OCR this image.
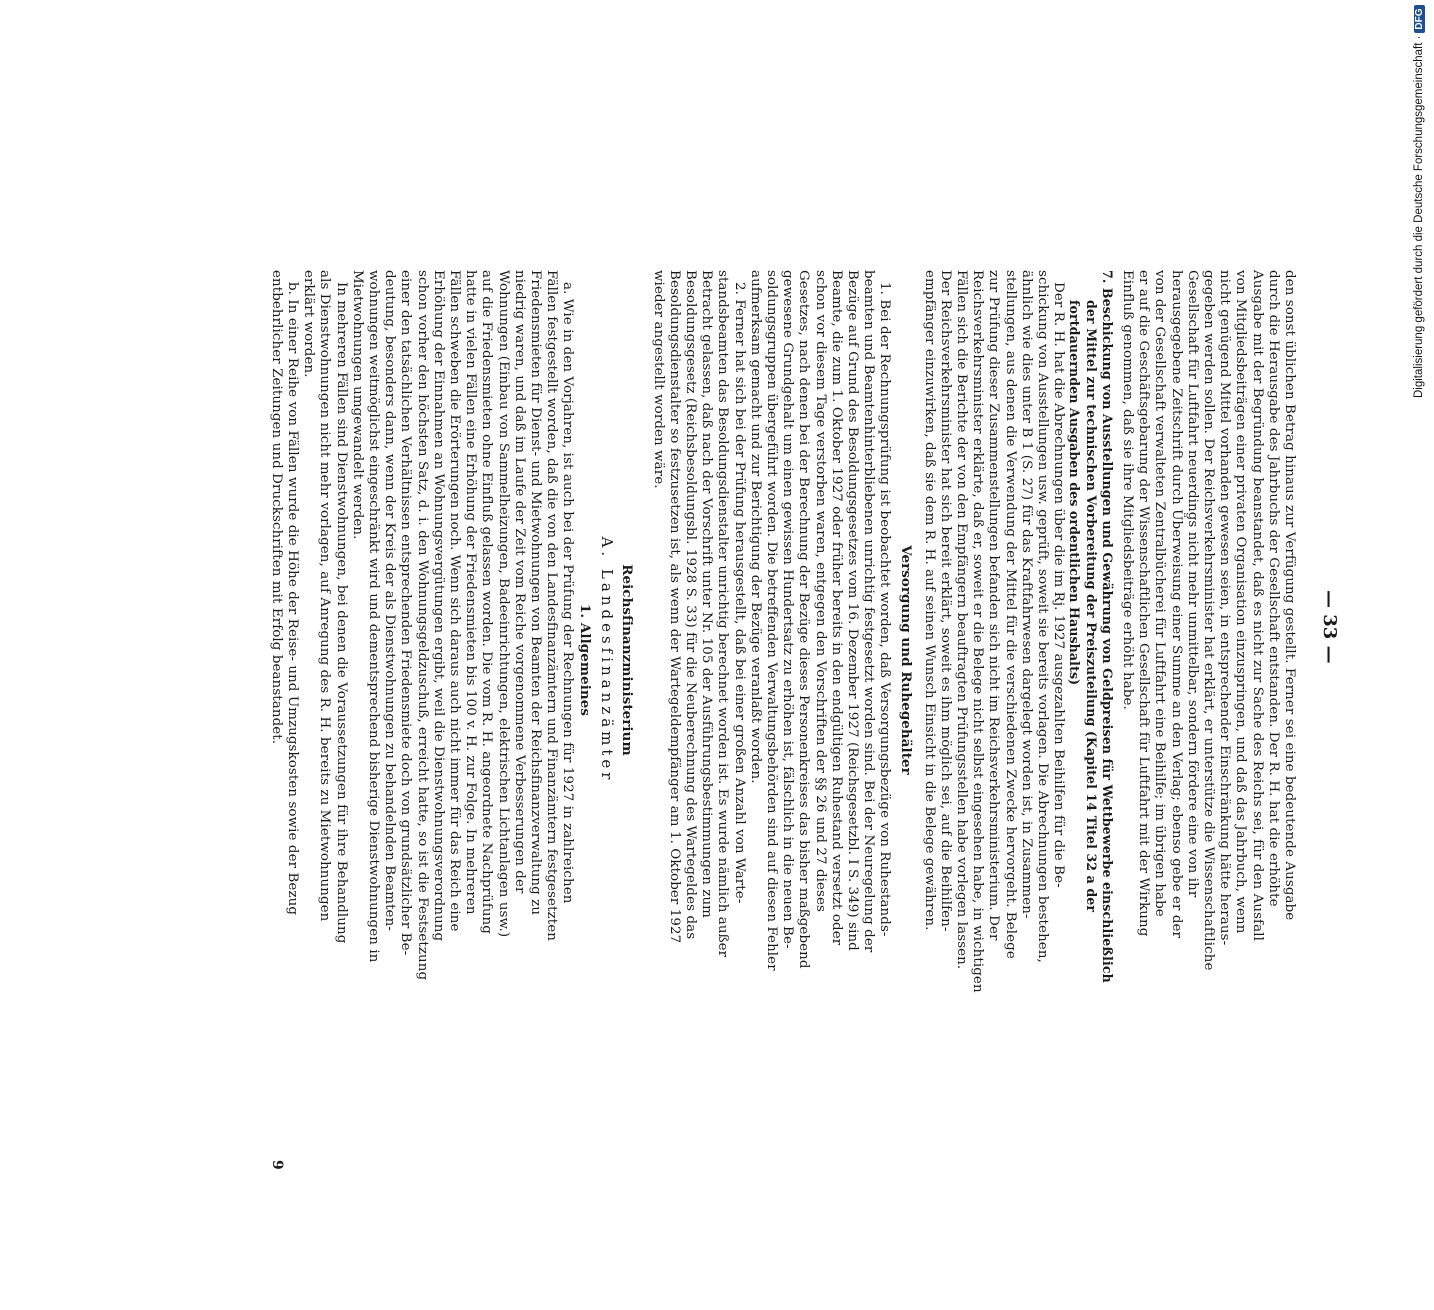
Digitalisierung gefördert durch die Deutsche Forschungsgemeinschaft ·DFG
— 33 —
den sonst üblichen Betrag hinaus zur Verfügung gestellt. Ferner sei eine bedeutende Ausgabe
durch die Herausgabe des Jahrbuchs der Gesellschaft entstanden. Der R. H. hat die erhöhte
Ausgabe mit der Begründung beanstandet, daß es nicht zur Sache des Reichs sei, für den Ausfall
von Mitgliedsbeiträgen einer privaten Organisation einzuspringen, und daß das Jahrbuch, wenn
nicht genügend Mittel vorhanden gewesen seien, in entsprechender Einschränkung hätte heraus-
gegeben werden sollen. Der Reichsverkehrsminister hat erklärt, er unterstütze die Wissenschaftliche
Gesellschaft für Luftfahrt neuerdings nicht mehr unmittelbar, sondern fördere eine von ihr
herausgegebene Zeitschrift durch Überweisung einer Summe an den Verlag; ebenso gebe er der
von der Gesellschaft verwalteten Zentralbücherei für Luftfahrt eine Beihilfe; im übrigen habe
er auf die Geschäftsgebarung der Wissenschaftlichen Gesellschaft für Luftfahrt mit der Wirkung
Einfluß genommen, daß sie ihre Mitgliedsbeiträge erhöht habe.
7. Beschickung von Ausstellungen und Gewährung von Geldpreisen für Wettbewerbe einschließlich
der Mittel zur technischen Vorbereitung der Preiszuteilung (Kapitel 14 Titel 32 a der
fortdauernden Ausgaben des ordentlichen Haushalts)
Der R. H. hat die Abrechnungen über die im Rj. 1927 ausgezahlten Beihilfen für die Be-
schickung von Ausstellungen usw. geprüft, soweit sie bereits vorlagen. Die Abrechnungen bestehen,
ähnlich wie dies unter B 1 (S. 27) für das Kraftfahrwesen dargelegt worden ist, in Zusammen-
stellungen, aus denen die Verwendung der Mittel für die verschiedenen Zwecke hervorgeht. Belege
zur Prüfung dieser Zusammenstellungen befanden sich nicht im Reichsverkehrsministerium. Der
Reichsverkehrsminister erklärte, daß er, soweit er die Belege nicht selbst eingesehen habe, in wichtigen
Fällen sich die Berichte der von den Empfängern beauftragten Prüfungsstellen habe vorlegen lassen.
Der Reichsverkehrsminister hat sich bereit erklärt, soweit es ihm möglich sei, auf die Beihilfen-
empfänger einzuwirken, daß sie dem R. H. auf seinen Wunsch Einsicht in die Belege gewähren.
Versorgung und Ruhegehälter
1. Bei der Rechnungsprüfung ist beobachtet worden, daß Versorgungsbezüge von Ruhestands-
beamten und Beamtenhinterbliebenen unrichtig festgesetzt worden sind. Bei der Neuregelung der
Bezüge auf Grund des Besoldungsgesetzes vom 16. Dezember 1927 (Reichsgesetzbl. I S. 349) sind
Beamte, die zum 1. Oktober 1927 oder früher bereits in den endgültigen Ruhestand versetzt oder
schon vor diesem Tage verstorben waren, entgegen den Vorschriften der §§ 26 und 27 dieses
Gesetzes, nach denen bei der Berechnung der Bezüge dieses Personenkreises das bisher maßgebend
gewesene Grundgehalt um einen gewissen Hundertsatz zu erhöhen ist, fälschlich in die neuen Be-
soldungsgruppen übergeführt worden. Die betreffenden Verwaltungsbehörden sind auf diesen Fehler
aufmerksam gemacht und zur Berichtigung der Bezüge veranlaßt worden.
2. Ferner hat sich bei der Prüfung herausgestellt, daß bei einer großen Anzahl von Warte-
standsbeamten das Besoldungsdienstalter unrichtig berechnet worden ist. Es wurde nämlich außer
Betracht gelassen, daß nach der Vorschrift unter Nr. 105 der Ausführungsbestimmungen zum
Besoldungsgesetz (Reichsbesoldungsbl. 1928 S. 33) für die Neuberechnung des Wartegeldes das
Besoldungsdienstalter so festzusetzen ist, als wenn der Wartegeldempfänger am 1. Oktober 1927
wieder angestellt worden wäre.
Reichsfinanzministerium
A. Landesfinanzämter
1. Allgemeines
a. Wie in den Vorjahren, ist auch bei der Prüfung der Rechnungen für 1927 in zahlreichen
Fällen festgestellt worden, daß die von den Landesfinanzämtern und Finanzämtern festgesetzten
Friedensmieten für Dienst- und Mietwohnungen von Beamten der Reichsfinanzverwaltung zu
niedrig waren, und daß im Laufe der Zeit vom Reiche vorgenommene Verbesserungen der
Wohnungen (Einbau von Sammelheizungen, Badeeinrichtungen, elektrischen Lichtanlagen usw.)
auf die Friedensmieten ohne Einfluß gelassen worden. Die vom R. H. angeordnete Nachprüfung
hatte in vielen Fällen eine Erhöhung der Friedensmieten bis 100 v. H. zur Folge. In mehreren
Fällen schweben die Erörterungen noch. Wenn sich daraus auch nicht immer für das Reich eine
Erhöhung der Einnahmen an Wohnungsvergütungen ergibt, weil die Dienstwohnungsverordnung
schon vorher den höchsten Satz, d. i. den Wohnungsgeldzuschuß, erreicht hatte, so ist die Festsetzung
einer den tatsächlichen Verhältnissen entsprechenden Friedensmiete doch von grundsätzlicher Be-
deutung, besonders dann, wenn der Kreis der als Dienstwohnungen zu behandelnden Beamten-
wohnungen weitmöglichst eingeschränkt wird und dementsprechend bisherige Dienstwohnungen in
Mietwohnungen umgewandelt werden.
In mehreren Fällen sind Dienstwohnungen, bei denen die Voraussetzungen für ihre Behandlung
als Dienstwohnungen nicht mehr vorlagen, auf Anregung des R. H. bereits zu Mietwohnungen
erklärt worden.
b. In einer Reihe von Fällen wurde die Höhe der Reise- und Umzugskosten sowie der Bezug
entbehrlicher Zeitungen und Druckschriften mit Erfolg beanstandet.
9
